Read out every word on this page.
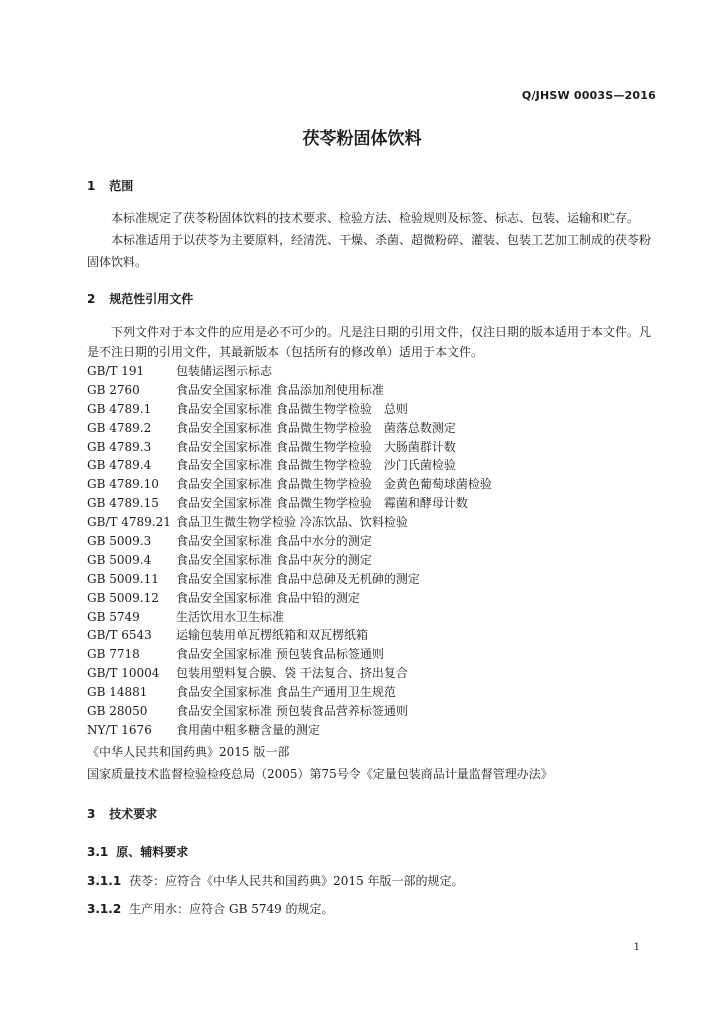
Q/JHSW 0003S—2016
茯苓粉固体饮料
1 范围
本标准规定了茯苓粉固体饮料的技术要求、检验方法、检验规则及标签、标志、包装、运输和贮存。
本标准适用于以茯苓为主要原料，经清洗、干燥、杀菌、超微粉碎、灌装、包装工艺加工制成的茯苓粉固体饮料。
2 规范性引用文件
下列文件对于本文件的应用是必不可少的。凡是注日期的引用文件，仅注日期的版本适用于本文件。凡是不注日期的引用文件，其最新版本（包括所有的修改单）适用于本文件。
GB/T 191	包装储运图示标志
GB 2760	食品安全国家标准 食品添加剂使用标准
GB 4789.1 食品安全国家标准 食品微生物学检验　总则
GB 4789.2 食品安全国家标准 食品微生物学检验　菌落总数测定
GB 4789.3 食品安全国家标准 食品微生物学检验　大肠菌群计数
GB 4789.4 食品安全国家标准 食品微生物学检验　沙门氏菌检验
GB 4789.10 食品安全国家标准 食品微生物学检验　金黄色葡萄球菌检验
GB 4789.15 食品安全国家标准 食品微生物学检验　霉菌和酵母计数
GB/T 4789.21 食品卫生微生物学检验 冷冻饮品、饮料检验
GB 5009.3 食品安全国家标准 食品中水分的测定
GB 5009.4 食品安全国家标准 食品中灰分的测定
GB 5009.11 食品安全国家标准 食品中总砷及无机砷的测定
GB 5009.12 食品安全国家标准 食品中铅的测定
GB 5749	生活饮用水卫生标准
GB/T 6543 运输包装用单瓦楞纸箱和双瓦楞纸箱
GB 7718	食品安全国家标准 预包装食品标签通则
GB/T 10004 包装用塑料复合膜、袋 干法复合、挤出复合
GB 14881 食品安全国家标准 食品生产通用卫生规范
GB 28050 食品安全国家标准 预包装食品营养标签通则
NY/T 1676 食用菌中粗多糖含量的测定
《中华人民共和国药典》2015 版一部
国家质量技术监督检验检疫总局（2005）第75号令《定量包装商品计量监督管理办法》
3 技术要求
3.1 原、辅料要求
3.1.1 茯苓：应符合《中华人民共和国药典》2015 年版一部的规定。
3.1.2 生产用水：应符合 GB 5749 的规定。
1
